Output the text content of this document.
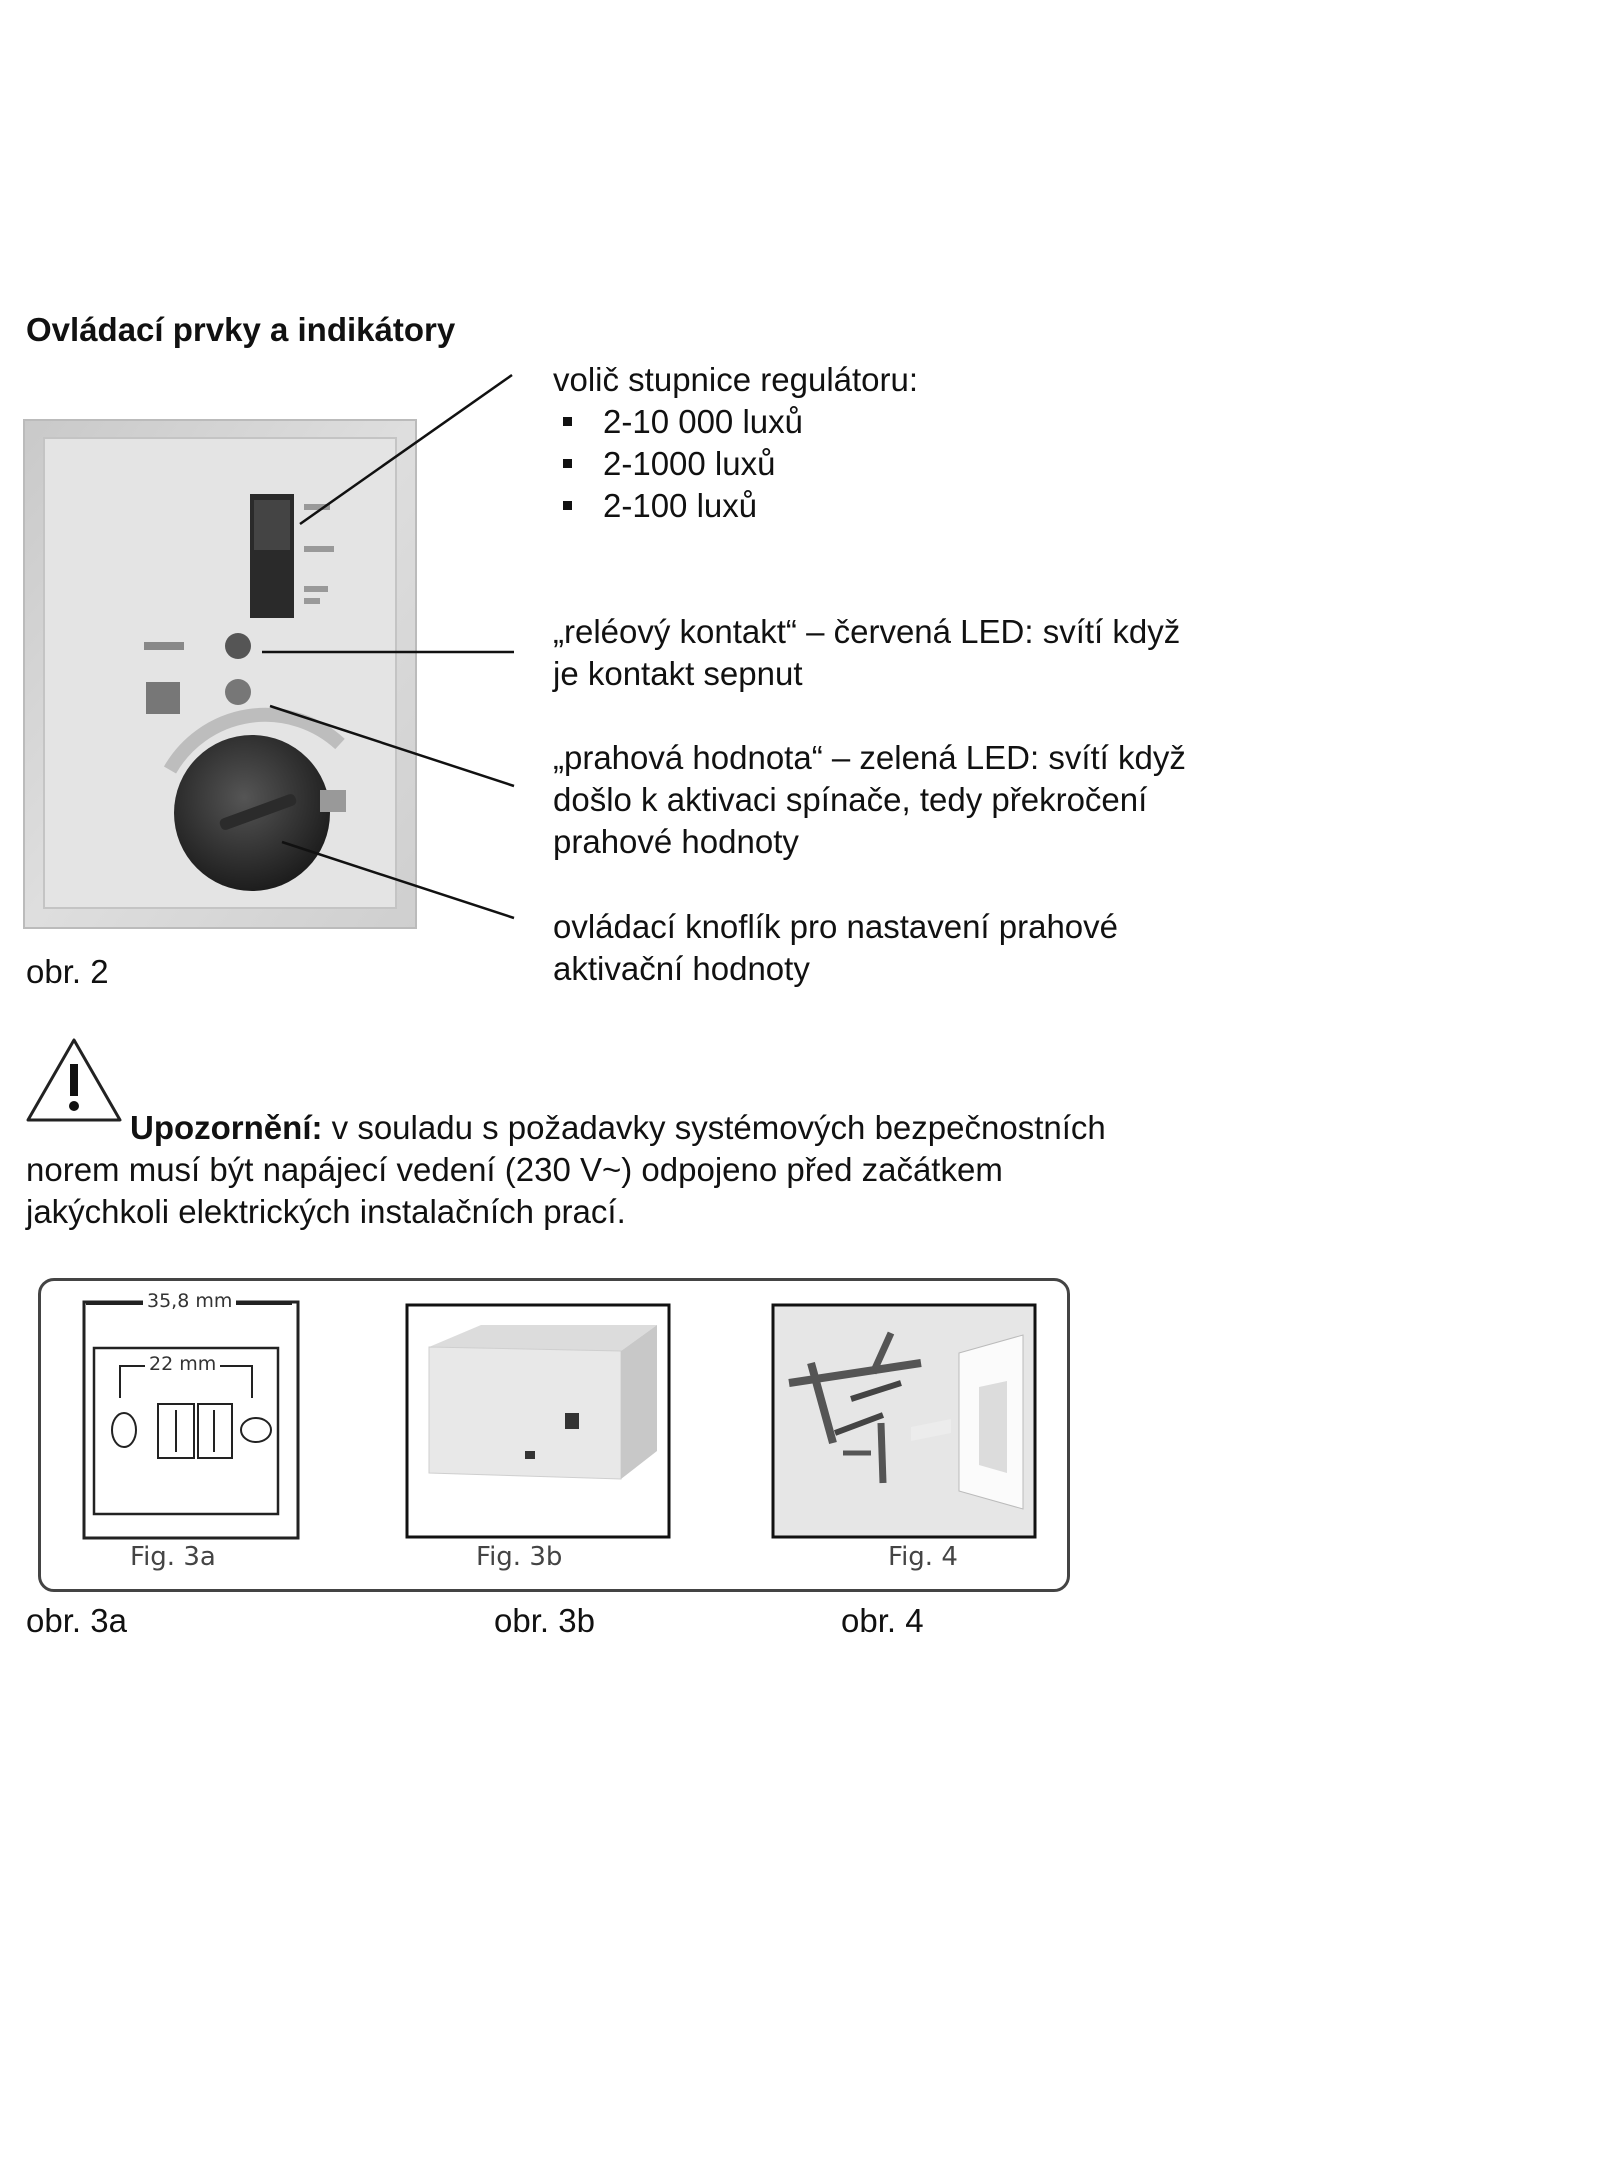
Ovládací prvky a indikátory
volič stupnice regulátoru:
2-10 000 luxů
2-1000 luxů
2-100 luxů
„reléový kontakt“ – červená LED: svítí když
je kontakt sepnut
„prahová hodnota“ – zelená LED: svítí když
došlo k aktivaci spínače, tedy překročení
prahové hodnoty
ovládací knoflík pro nastavení prahové
aktivační hodnoty
obr. 2
Upozornění: v souladu s požadavky systémových bezpečnostních
norem musí být napájecí vedení (230 V~) odpojeno před začátkem
jakýchkoli elektrických instalačních prací.
35,8 mm
22 mm
Fig. 3a	Fig. 3b	Fig. 4
obr. 3a	obr. 3b	obr. 4
